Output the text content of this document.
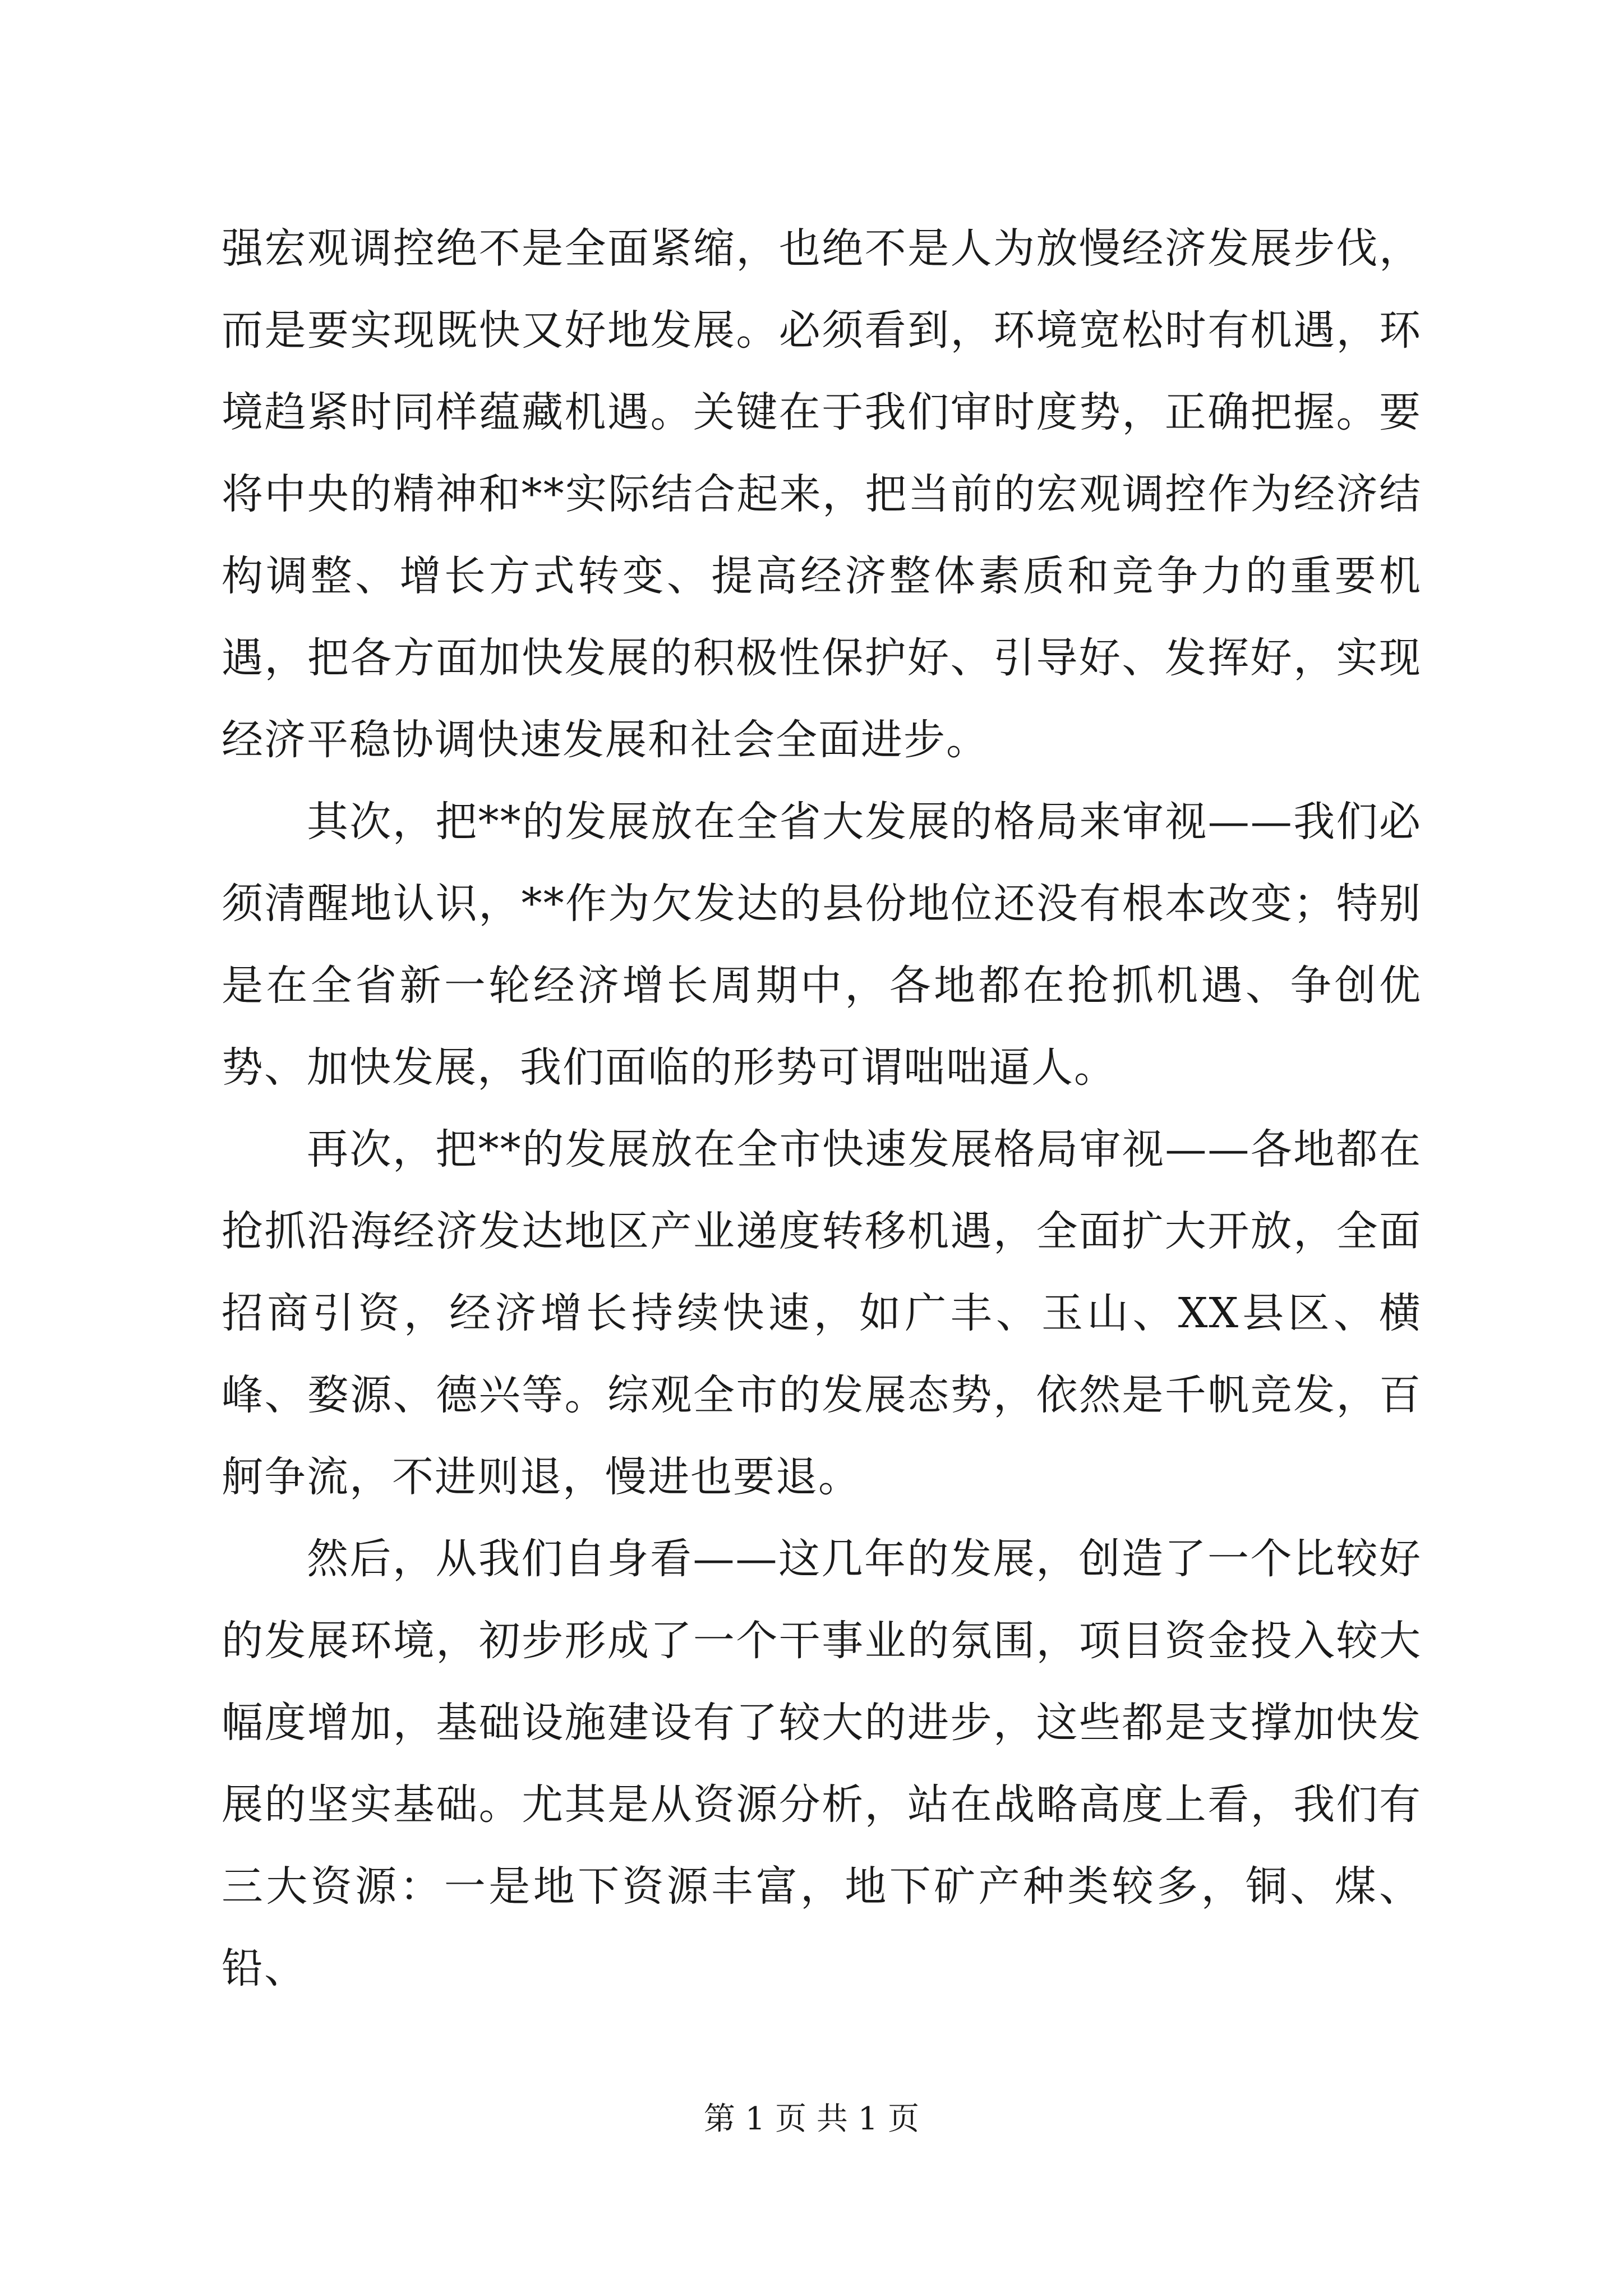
强宏观调控绝不是全面紧缩，也绝不是人为放慢经济发展步伐，而是要实现既快又好地发展。必须看到，环境宽松时有机遇，环境趋紧时同样蕴藏机遇。关键在于我们审时度势，正确把握。要将中央的精神和**实际结合起来，把当前的宏观调控作为经济结构调整、增长方式转变、提高经济整体素质和竞争力的重要机遇，把各方面加快发展的积极性保护好、引导好、发挥好，实现经济平稳协调快速发展和社会全面进步。

其次，把**的发展放在全省大发展的格局来审视——我们必须清醒地认识，**作为欠发达的县份地位还没有根本改变；特别是在全省新一轮经济增长周期中，各地都在抢抓机遇、争创优势、加快发展，我们面临的形势可谓咄咄逼人。

再次，把**的发展放在全市快速发展格局审视——各地都在抢抓沿海经济发达地区产业递度转移机遇，全面扩大开放，全面招商引资，经济增长持续快速，如广丰、玉山、XX县区、横峰、婺源、德兴等。综观全市的发展态势，依然是千帆竞发，百舸争流，不进则退，慢进也要退。

然后，从我们自身看——这几年的发展，创造了一个比较好的发展环境，初步形成了一个干事业的氛围，项目资金投入较大幅度增加，基础设施建设有了较大的进步，这些都是支撑加快发展的坚实基础。尤其是从资源分析，站在战略高度上看，我们有三大资源：一是地下资源丰富，地下矿产种类较多，铜、煤、铅、

第 1 页 共 1 页
